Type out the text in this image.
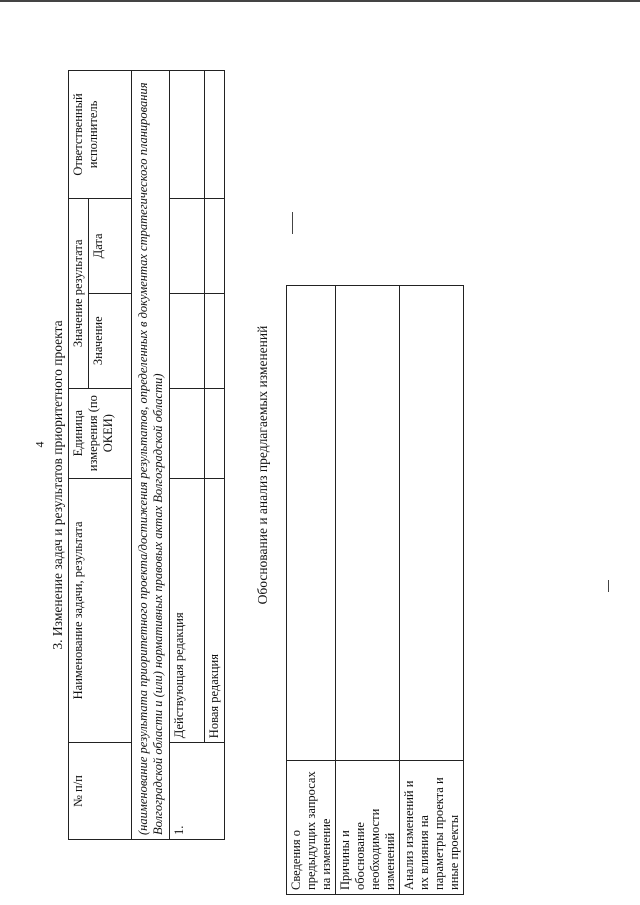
4 3. Изменение задач и результатов приоритетного проекта
№ п/п	Наименование задачи, результата	Единица измерения (по ОКЕИ)	Значение результата		Ответственный исполнитель
			Значение	Дата	
(наименование результата приоритетного проекта/достижения результатов, определенных в документах стратегического планирования Волгоградской области и (или) нормативных правовых актах Волгоградской области)					
1.	Действующая редакция				
	Новая редакция				
Обоснование и анализ предлагаемых изменений
Сведения о предыдущих запросах на изменение	
Причины и обоснование необходимости изменений	
Анализ изменений и их влияния на параметры проекта и иные проекты	
